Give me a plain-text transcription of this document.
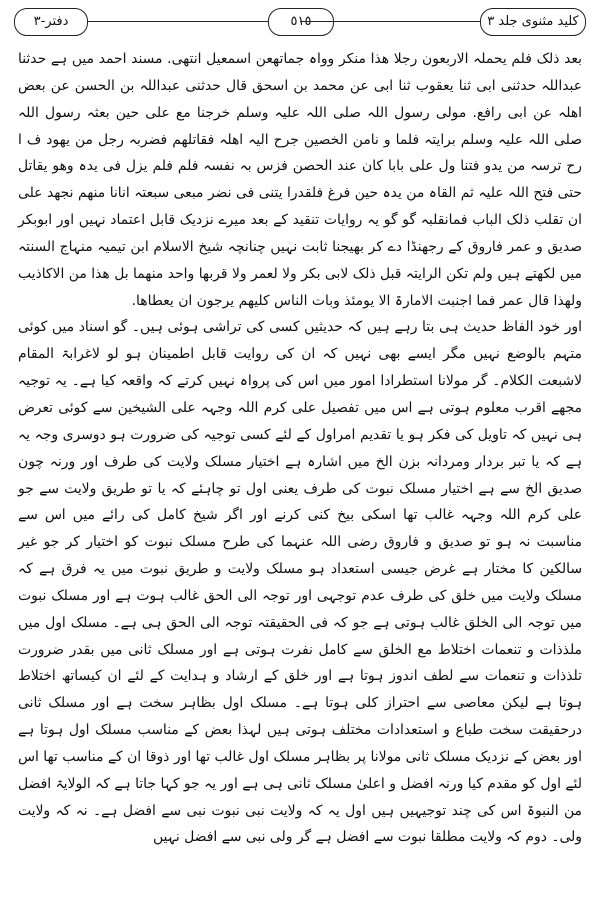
دفتر-٣	٥١٥	کلید مثنوی جلد ۳

بعد ذلک فلم یحملہ الاربعون رجلا ھذا منکر وواہ جماتھعن اسمعیل انتھی. مسند احمد میں ہے حدثنا عبداللہ حدثنی ابی ثنا یعقوب ثنا ابی عن محمد بن اسحق قال حدثنی عبداللہ بن الحسن عن بعض اھلہ عن ابی رافع. مولی رسول اللہ صلی اللہ علیہ وسلم خرجنا مع علی حین بعثہ رسول اللہ صلی اللہ علیہ وسلم برایتہ فلما و نامن الخصین جرح الیہ اھلہ فقاتلھم فضربہ رجل من یھود ف ا رح ترسہ من یدو فتنا ول علی بابا کان عند الحصن فزس بہ نفسہ فلم فلم یزل فی یدہ وھو یقاتل حتی فتح اللہ علیہ ثم القاہ من یدہ حین فرغ فلقدرا یتنی فی نضر مبعی سبعتہ انانا منھم نجھد علی ان تقلب ذلک الباب فمانقلبہ گو گو یہ روایات تنقید کے بعد میرے نزدیک قابل اعتماد نہیں اور ابوبکر صدیق و عمر فاروق کے رجھنڈا دے کر بھیجنا ثابت نہیں چنانچہ شیخ الاسلام ابن تیمیہ منہاج السنتہ میں لکھتے ہیں ولم تکن الرایتہ قبل ذلک لابی بکر ولا لعمر ولا قربھا واحد منھما بل ھذا من الاکاذیب ولھذا قال عمر فما اجنبت الامارۃ الا یومئذ وبات الناس کلیھم یرجون ان یعطاھا.

اور خود الفاظ حدیث ہی بتا رہے ہیں کہ حدیثیں کسی کی تراشی ہوئی ہیں۔ گو اسناد میں کوئی متہم بالوضع نہیں مگر ایسے بھی نہیں کہ ان کی روایت قابل اطمینان ہو لو لاغرابۃ المقام لاشبعت الکلام۔ گر مولانا استطرادا امور میں اس کی پرواہ نہیں کرتے کہ واقعہ کیا ہے۔ یہ توجیہ مجھے اقرب معلوم ہوتی ہے اس میں تفصیل علی کرم اللہ وجہہ علی الشیخین سے کوئی تعرض ہی نہیں کہ تاویل کی فکر ہو یا تقدیم امراول کے لئے کسی توجیہ کی ضرورت ہو دوسری وجہ یہ ہے کہ یا تبر بردار ومردانہ بزن الخ میں اشارہ ہے اختیار مسلک ولایت کی طرف اور ورنہ چون صدیق الخ سے ہے اختیار مسلک نبوت کی طرف یعنی اول تو چاہئے کہ یا تو طریق ولایت سے جو علی کرم اللہ وجہہ غالب تھا اسکی بیخ کنی کرنے اور اگر شیخ کامل کی رائے میں اس سے مناسبت نہ ہو تو صدیق و فاروق رضی اللہ عنہما کی طرح مسلک نبوت کو اختیار کر جو غیر سالکین کا مختار ہے غرض جیسی استعداد ہو مسلک ولایت و طریق نبوت میں یہ فرق ہے کہ مسلک ولایت میں خلق کی طرف عدم توجہی اور توجہ الی الحق غالب ہوت ہے اور مسلک نبوت میں توجہ الی الخلق غالب ہوتی ہے جو کہ فی الحقیقتہ توجہ الی الحق ہی ہے۔ مسلک اول میں ملذذات و تنعمات اختلاط مع الخلق سے کامل نفرت ہوتی ہے اور مسلک ثانی میں بقدر ضرورت تلذذات و تنعمات سے لطف اندوز ہوتا ہے اور خلق کے ارشاد و ہدایت کے لئے ان کیساتھ اختلاط ہوتا ہے لیکن معاصی سے احتراز کلی ہوتا ہے۔ مسلک اول بظاہر سخت ہے اور مسلک ثانی درحقیقت سخت طباع و استعدادات مختلف ہوتی ہیں لہذا بعض کے مناسب مسلک اول ہوتا ہے اور بعض کے نزدیک مسلک ثانی مولانا پر بظاہر مسلک اول غالب تھا اور ذوقا ان کے مناسب تھا اس لئے اول کو مقدم کیا ورنہ افضل و اعلیٰ مسلک ثانی ہی ہے اور یہ جو کہا جاتا ہے کہ الولایۃ افضل من النبوۃ اس کی چند توجیہیں ہیں اول یہ کہ ولایت نبی نبوت نبی سے افضل ہے۔ نہ کہ ولایت ولی۔ دوم کہ ولایت مطلقا نبوت سے افضل ہے گر ولی نبی سے افضل نہیں
